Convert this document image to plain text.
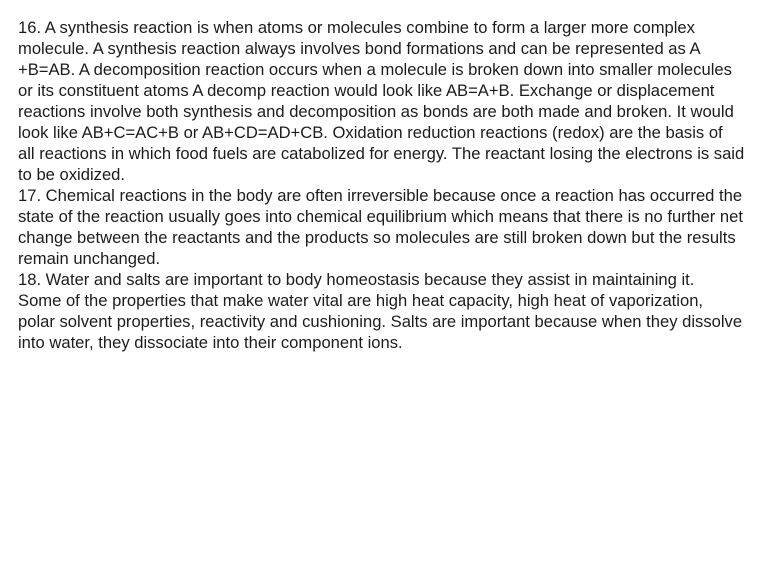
16. A synthesis reaction is when atoms or molecules combine to form a larger more complex
molecule. A synthesis reaction always involves bond formations and can be represented as A
+B=AB. A decomposition reaction occurs when a molecule is broken down into smaller molecules
or its constituent atoms A decomp reaction would look like AB=A+B. Exchange or displacement
reactions involve both synthesis and decomposition as bonds are both made and broken. It would
look like AB+C=AC+B or AB+CD=AD+CB. Oxidation reduction reactions (redox) are the basis of
all reactions in which food fuels are catabolized for energy. The reactant losing the electrons is said
to be oxidized.
17. Chemical reactions in the body are often irreversible because once a reaction has occurred the
state of the reaction usually goes into chemical equilibrium which means that there is no further net
change between the reactants and the products so molecules are still broken down but the results
remain unchanged.
18. Water and salts are important to body homeostasis because they assist in maintaining it.
Some of the properties that make water vital are high heat capacity, high heat of vaporization,
polar solvent properties, reactivity and cushioning. Salts are important because when they dissolve
into water, they dissociate into their component ions.
